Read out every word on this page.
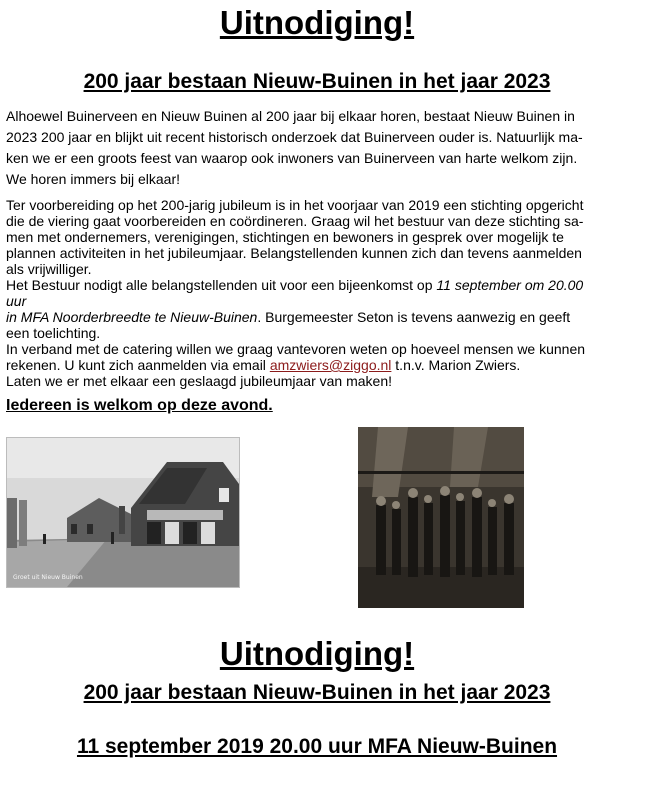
Uitnodiging!
200 jaar bestaan Nieuw-Buinen in het jaar 2023
Alhoewel Buinerveen en Nieuw Buinen al 200 jaar bij elkaar horen, bestaat Nieuw Buinen in
2023 200 jaar en blijkt uit recent historisch onderzoek dat Buinerveen ouder is. Natuurlijk ma-
ken we er een groots feest van waarop ook inwoners van Buinerveen van harte welkom zijn.
We horen immers bij elkaar!
Ter voorbereiding op het 200-jarig jubileum is in het voorjaar van 2019 een stichting opgericht
die de viering gaat voorbereiden en coördineren. Graag wil het bestuur van deze stichting sa-
men met ondernemers, verenigingen, stichtingen en bewoners in gesprek over mogelijk te
plannen activiteiten in het jubileumjaar. Belangstellenden kunnen zich dan tevens aanmelden
als vrijwilliger.
Het Bestuur nodigt alle belangstellenden uit voor een bijeenkomst op 11 september om 20.00
uur
in MFA Noorderbreedte te Nieuw-Buinen. Burgemeester Seton is tevens aanwezig en geeft
een toelichting.
In verband met de catering willen we graag vantevoren weten op hoeveel mensen we kunnen
rekenen. U kunt zich aanmelden via email amzwiers@ziggo.nl t.n.v. Marion Zwiers.
Laten we er met elkaar een geslaagd jubileumjaar van maken!

Iedereen is welkom op deze avond.

Groet uit Nieuw Buinen
Uitnodiging!
200 jaar bestaan Nieuw-Buinen in het jaar 2023
11 september 2019 20.00 uur MFA Nieuw-Buinen
